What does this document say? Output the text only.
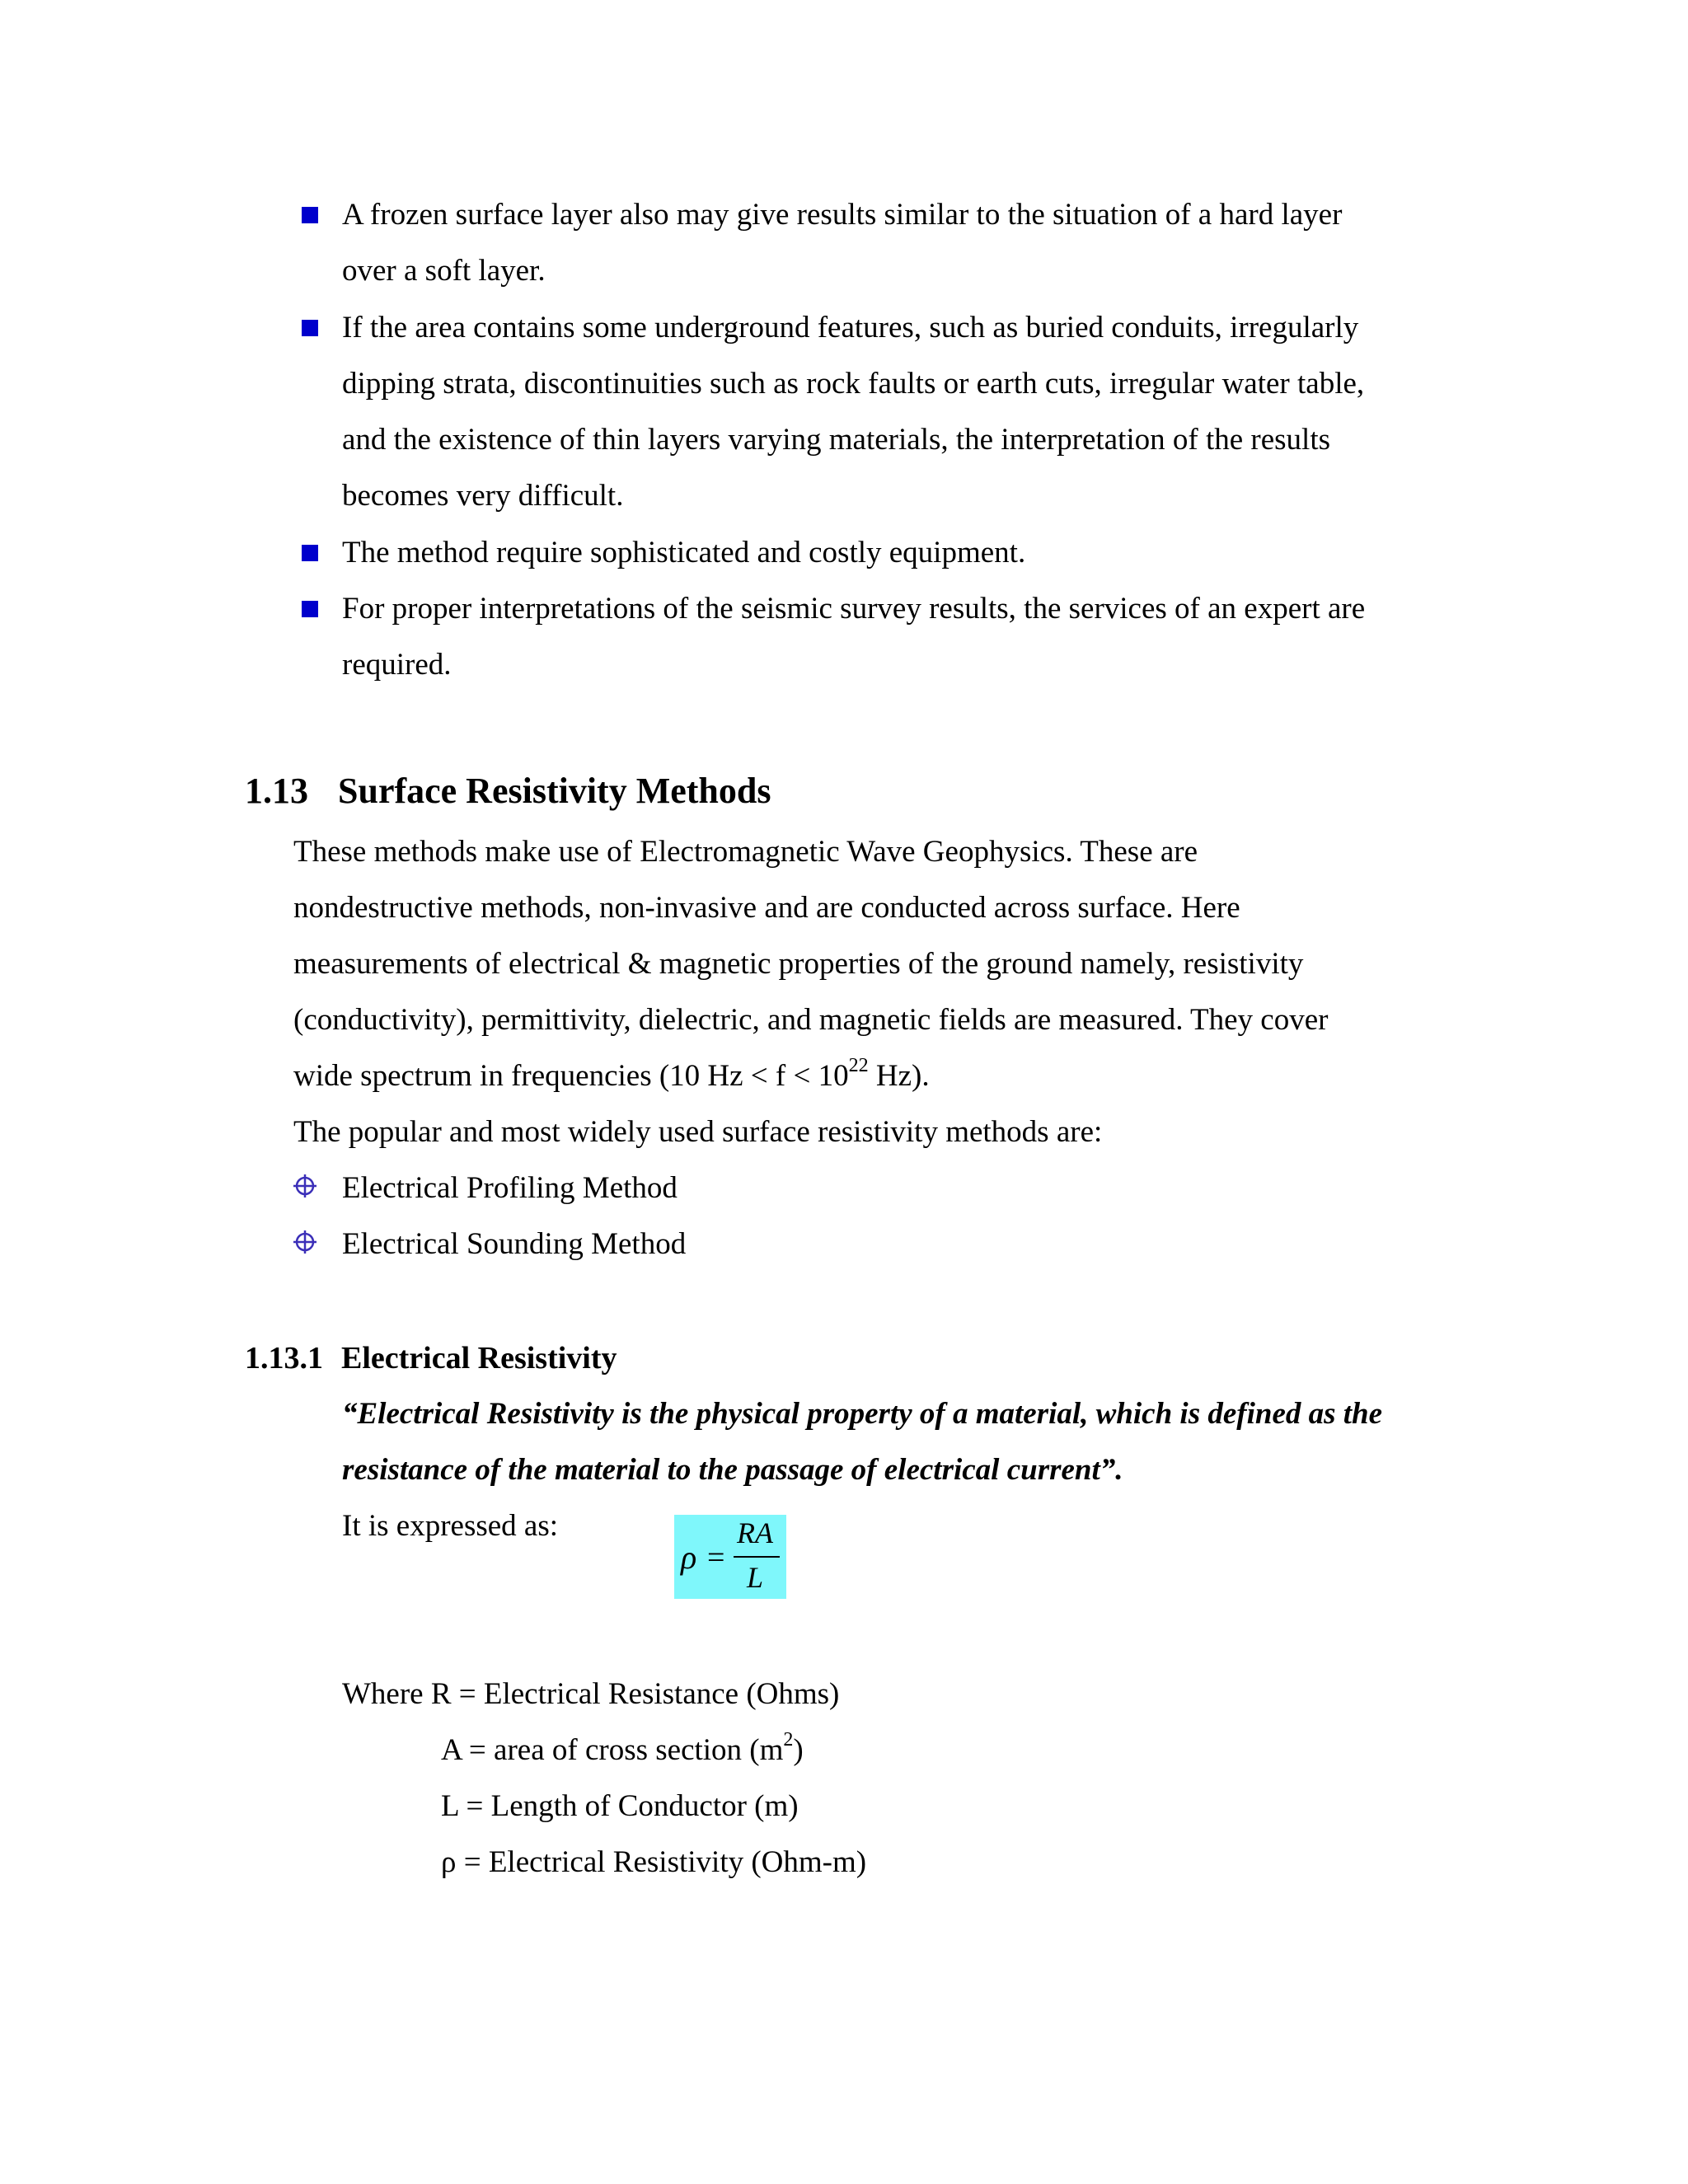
A frozen surface layer also may give results similar to the situation of a hard layer
over a soft layer.
If the area contains some underground features, such as buried conduits, irregularly
dipping strata, discontinuities such as rock faults or earth cuts, irregular water table,
and the existence of thin layers varying materials, the interpretation of the results
becomes very difficult.
The method require sophisticated and costly equipment.
For proper interpretations of the seismic survey results, the services of an expert are
required.
1.13 Surface Resistivity Methods
These methods make use of Electromagnetic Wave Geophysics. These are
nondestructive methods, non-invasive and are conducted across surface. Here
measurements of electrical & magnetic properties of the ground namely, resistivity
(conductivity), permittivity, dielectric, and magnetic fields are measured. They cover
wide spectrum in frequencies (10 $Hz < f < 10^{22}$ Hz).
The popular and most widely used surface resistivity methods are:
Electrical Profiling Method
Electrical Sounding Method
1.13.1 Electrical Resistivity
“Electrical Resistivity is the physical property of a material, which is defined as the
resistance of the material to the passage of electrical current”.
It is expressed as:
ρ =
RA
L
Where R = Electrical Resistance (Ohms)
A = area of cross section $(m^2)$
L = Length of Conductor (m)
ρ = Electrical Resistivity (Ohm-m)
